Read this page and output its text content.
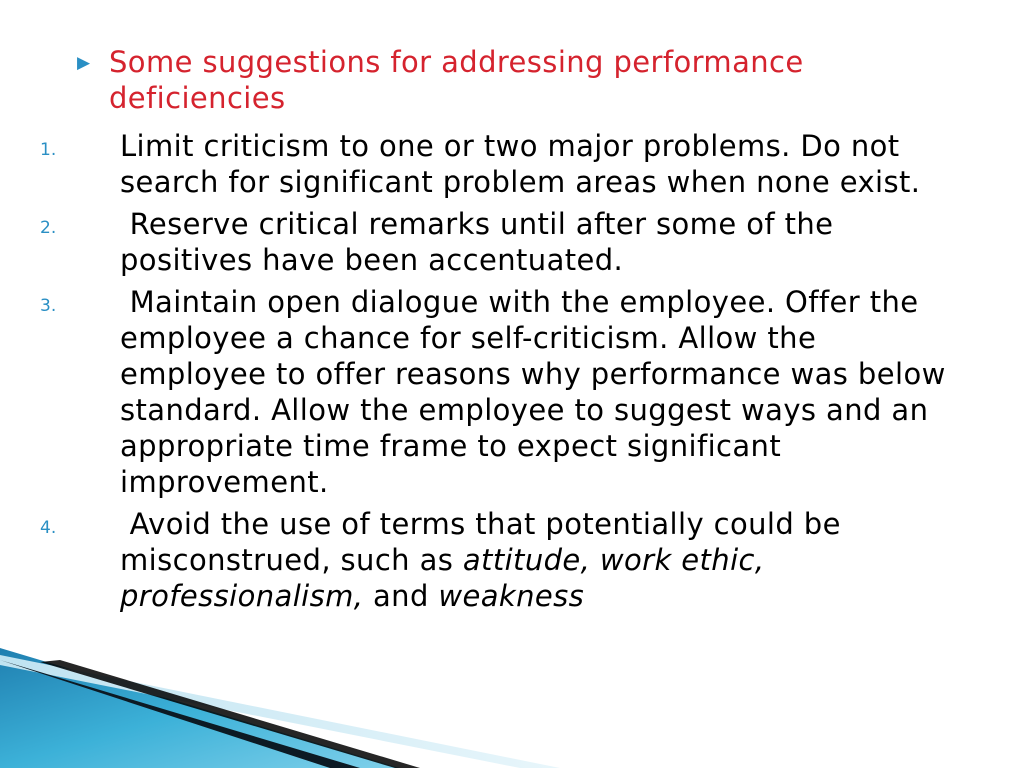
▶ Some suggestions for addressing performance deficiencies
1.	Limit criticism to one or two major problems. Do not search for significant problem areas when none exist.
2.	Reserve critical remarks until after some of the positives have been accentuated.
3.	Maintain open dialogue with the employee. Offer the employee a chance for self-criticism. Allow the employee to offer reasons why performance was below standard. Allow the employee to suggest ways and an appropriate time frame to expect significant improvement.
4.	Avoid the use of terms that potentially could be misconstrued, such as attitude, work ethic, professionalism, and weakness
